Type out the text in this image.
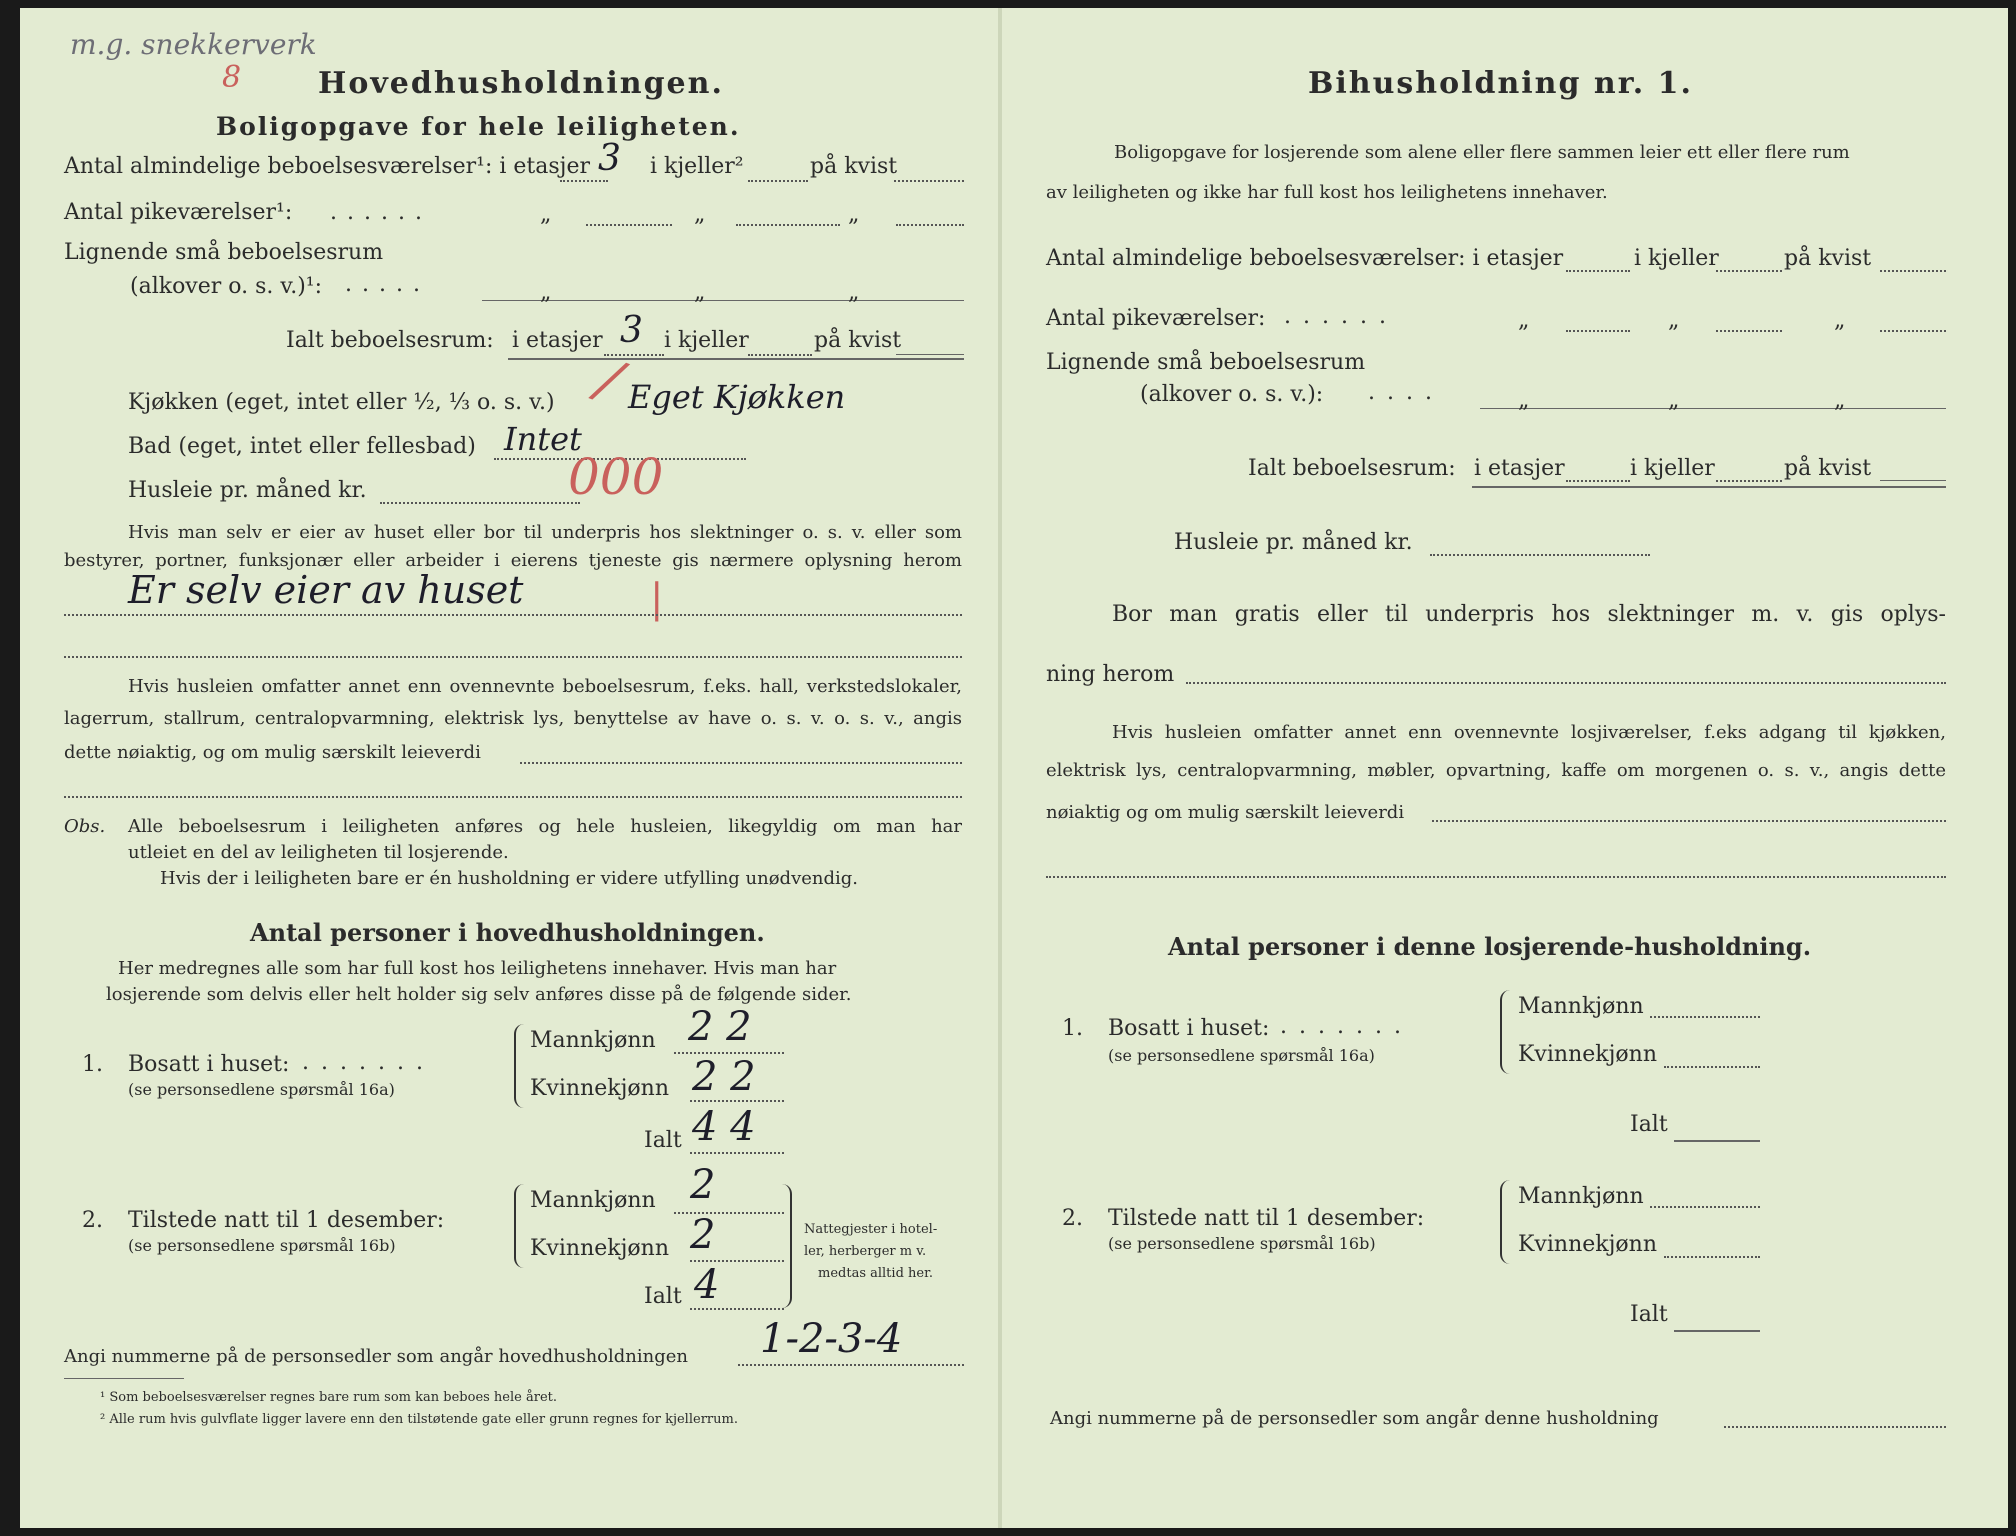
m.g. snekkerverk
8	Hovedhusholdningen.
Boligopgave for hele leiligheten.
Antal almindelige beboelsesværelser¹: i etasjer 3 i kjeller²	på kvist
Antal pikeværelser¹: ......	„	„	„
Lignende små beboelsesrum
(alkover o. s. v.)¹: .....	„	„	„
Ialt beboelsesrum: i etasjer 3 i kjeller	på kvist
Kjøkken (eget, intet eller ½, ⅓ o. s. v.) Eget Kjøkken
/
Bad (eget, intet eller fellesbad) Intet
Husleie pr. måned kr.	000
Hvis man selv er eier av huset eller bor til underpris hos slektninger o. s. v. eller som
bestyrer, portner, funksjonær eller arbeider i eierens tjeneste gis nærmere oplysning herom
Er selv eier av huset	|
Hvis husleien omfatter annet enn ovennevnte beboelsesrum, f.eks. hall, verkstedslokaler,
lagerrum, stallrum, centralopvarmning, elektrisk lys, benyttelse av have o. s. v. o. s. v., angis
dette nøiaktig, og om mulig særskilt leieverdi
Obs. Alle beboelsesrum i leiligheten anføres og hele husleien, likegyldig om man har
utleiet en del av leiligheten til losjerende.
Hvis der i leiligheten bare er én husholdning er videre utfylling unødvendig.
Antal personer i hovedhusholdningen.
Her medregnes alle som har full kost hos leilighetens innehaver. Hvis man har
losjerende som delvis eller helt holder sig selv anføres disse på de følgende sider.
1. Bosatt i huset: .......
(se personsedlene spørsmål 16a)
Mannkjønn 2 2
Kvinnekjønn 2 2
Ialt 4 4
2. Tilstede natt til 1 desember:
(se personsedlene spørsmål 16b)
Mannkjønn 2
Kvinnekjønn 2
Ialt 4
Nattegjester i hotel-
ler, herberger m v.
medtas alltid her.
Angi nummerne på de personsedler som angår hovedhusholdningen 1-2-3-4
¹ Som beboelsesværelser regnes bare rum som kan beboes hele året.
² Alle rum hvis gulvflate ligger lavere enn den tilstøtende gate eller grunn regnes for kjellerrum.
Bihusholdning nr. 1.
Boligopgave for losjerende som alene eller flere sammen leier ett eller flere rum
av leiligheten og ikke har full kost hos leilighetens innehaver.
Antal almindelige beboelsesværelser: i etasjer	i kjeller	på kvist
Antal pikeværelser: ......	„	„	„
Lignende små beboelsesrum
(alkover o. s. v.): ....	„	„	„
Ialt beboelsesrum: i etasjer	i kjeller	på kvist
Husleie pr. måned kr.
Bor man gratis eller til underpris hos slektninger m. v. gis oplys-
ning herom
Hvis husleien omfatter annet enn ovennevnte losjiværelser, f.eks adgang til kjøkken,
elektrisk lys, centralopvarmning, møbler, opvartning, kaffe om morgenen o. s. v., angis dette
nøiaktig og om mulig særskilt leieverdi
Antal personer i denne losjerende-husholdning.
1. Bosatt i huset: .......
(se personsedlene spørsmål 16a)
Mannkjønn
Kvinnekjønn
Ialt
2. Tilstede natt til 1 desember:
(se personsedlene spørsmål 16b)
Mannkjønn
Kvinnekjønn
Ialt
Angi nummerne på de personsedler som angår denne husholdning
